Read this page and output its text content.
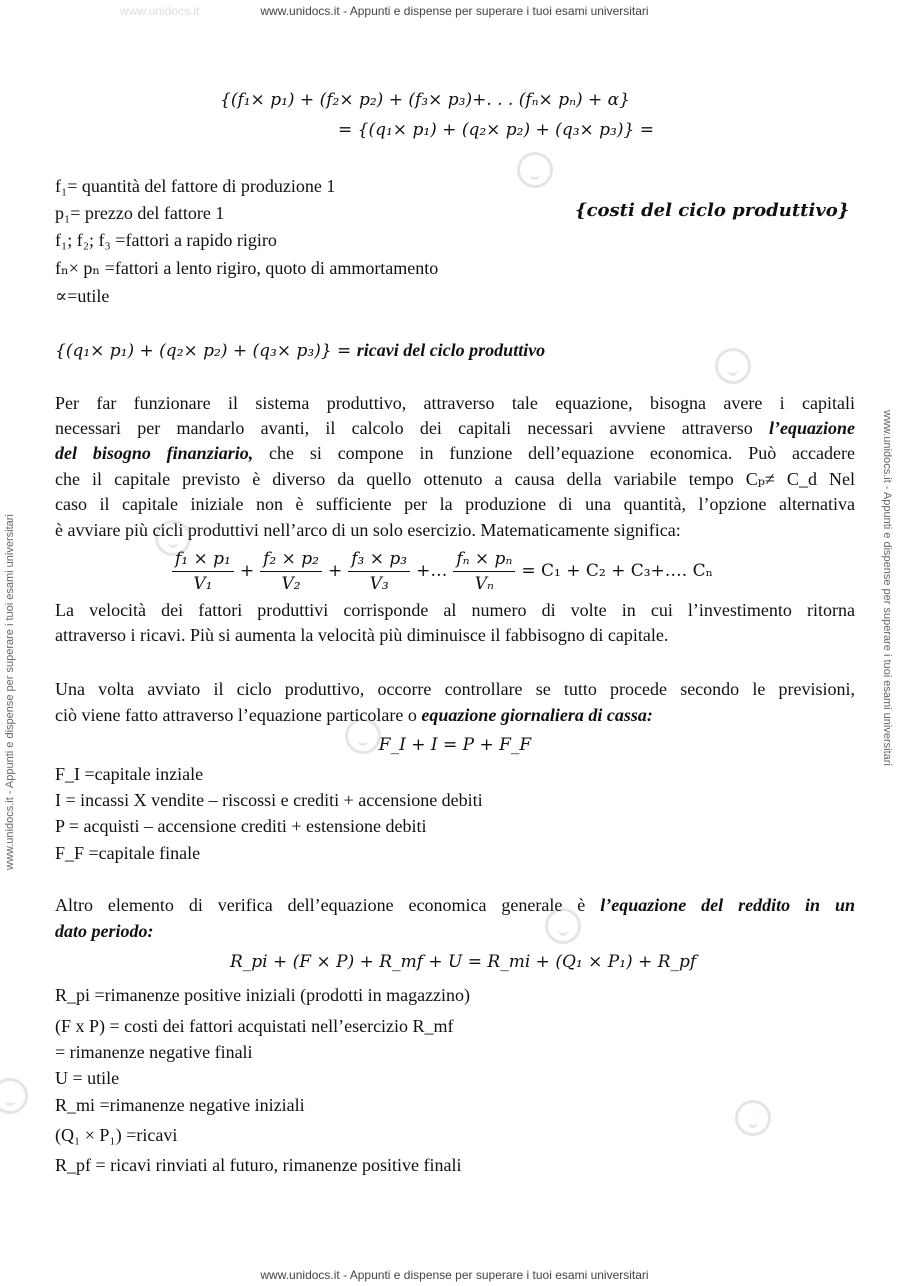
www.unidocs.it - Appunti e dispense per superare i tuoi esami universitari
www.unidocs.it - Appunti e dispense per superare i tuoi esami universitari
www.unidocs.it - Appunti e dispense per superare i tuoi esami universitari	www.unidocs.it - Appunti e dispense per superare i tuoi esami universitari
www.unidocs.it
{(f₁× p₁) + (f₂× p₂) + (f₃× p₃)+. . . (fₙ× pₙ) + α}
= {(q₁× p₁) + (q₂× p₂) + (q₃× p₃)} =
f₁= quantità del fattore di produzione 1
p₁= prezzo del fattore 1	{costi del ciclo produttivo}
f₁; f₂; f₃ =fattori a rapido rigiro
fₙ× pₙ =fattori a lento rigiro, quoto di ammortamento
∝=utile
{(q₁× p₁) + (q₂× p₂) + (q₃× p₃)} = ricavi del ciclo produttivo
Per far funzionare il sistema produttivo, attraverso tale equazione, bisogna avere i capitali
necessari per mandarlo avanti, il calcolo dei capitali necessari avviene attraverso l’equazione
del bisogno finanziario, che si compone in funzione dell’equazione economica. Può accadere
che il capitale previsto è diverso da quello ottenuto a causa della variabile tempo Cₚ≠ C_d Nel
caso il capitale iniziale non è sufficiente per la produzione di una quantità, l’opzione alternativa
è avviare più cicli produttivi nell’arco di un solo esercizio. Matematicamente significa:
$\frac{\text{f₁ × p₁}}{\text{V₁}} + \frac{\text{f₂ × p₂}}{\text{V₂}} + \frac{\text{f₃ × p₃}}{\text{V₃}}$ +… $\frac{\text{fₙ × pₙ}}{\text{Vₙ}} = C_1 + C_2$ + C₃+…. Cₙ
La velocità dei fattori produttivi corrisponde al numero di volte in cui l’investimento ritorna
attraverso i ricavi. Più si aumenta la velocità più diminuisce il fabbisogno di capitale.
Una volta avviato il ciclo produttivo, occorre controllare se tutto procede secondo le previsioni,
ciò viene fatto attraverso l’equazione particolare o equazione giornaliera di cassa:
F_I + I = P + F_F
F_I =capitale inziale
I = incassi X vendite – riscossi e crediti + accensione debiti
P = acquisti – accensione crediti + estensione debiti
F_F =capitale finale
Altro elemento di verifica dell’equazione economica generale è l’equazione del reddito in un
dato periodo:
R_pi + (F × P) + R_mf + U = R_mi + (Q₁ × P₁) + R_pf
R_pi =rimanenze positive iniziali (prodotti in magazzino)
(F x P) = costi dei fattori acquistati nell’esercizio R_mf
= rimanenze negative finali
U = utile
R_mi =rimanenze negative iniziali
(Q₁ × P₁) =ricavi
R_pf = ricavi rinviati al futuro, rimanenze positive finali
